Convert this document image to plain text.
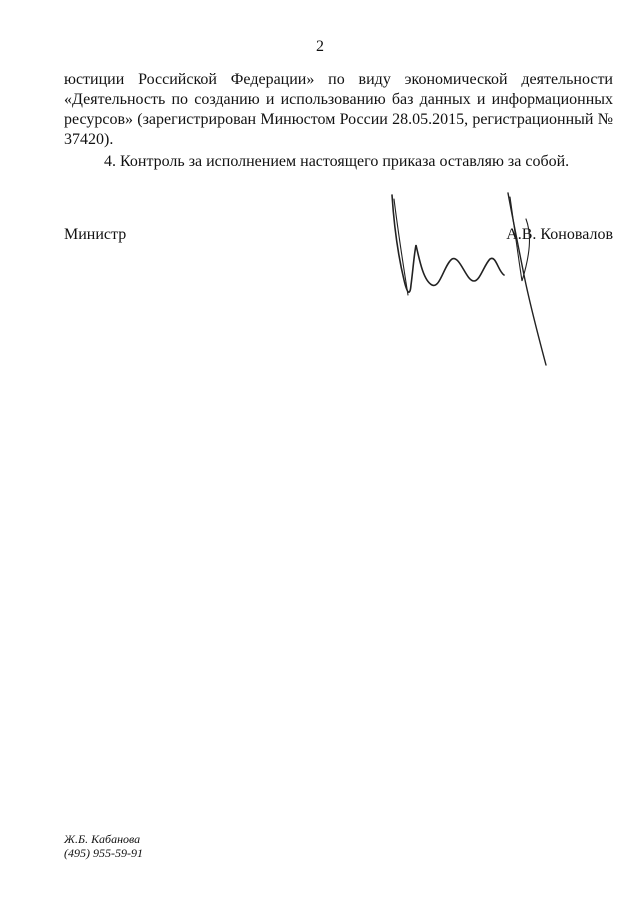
2

юстиции Российской Федерации» по виду экономической деятельности «Деятельность по созданию и использованию баз данных и информационных ресурсов» (зарегистрирован Минюстом России 28.05.2015, регистрационный № 37420).

4. Контроль за исполнением настоящего приказа оставляю за собой.

Министр	А.В. Коновалов
Ж.Б. Кабанова
(495) 955-59-91
